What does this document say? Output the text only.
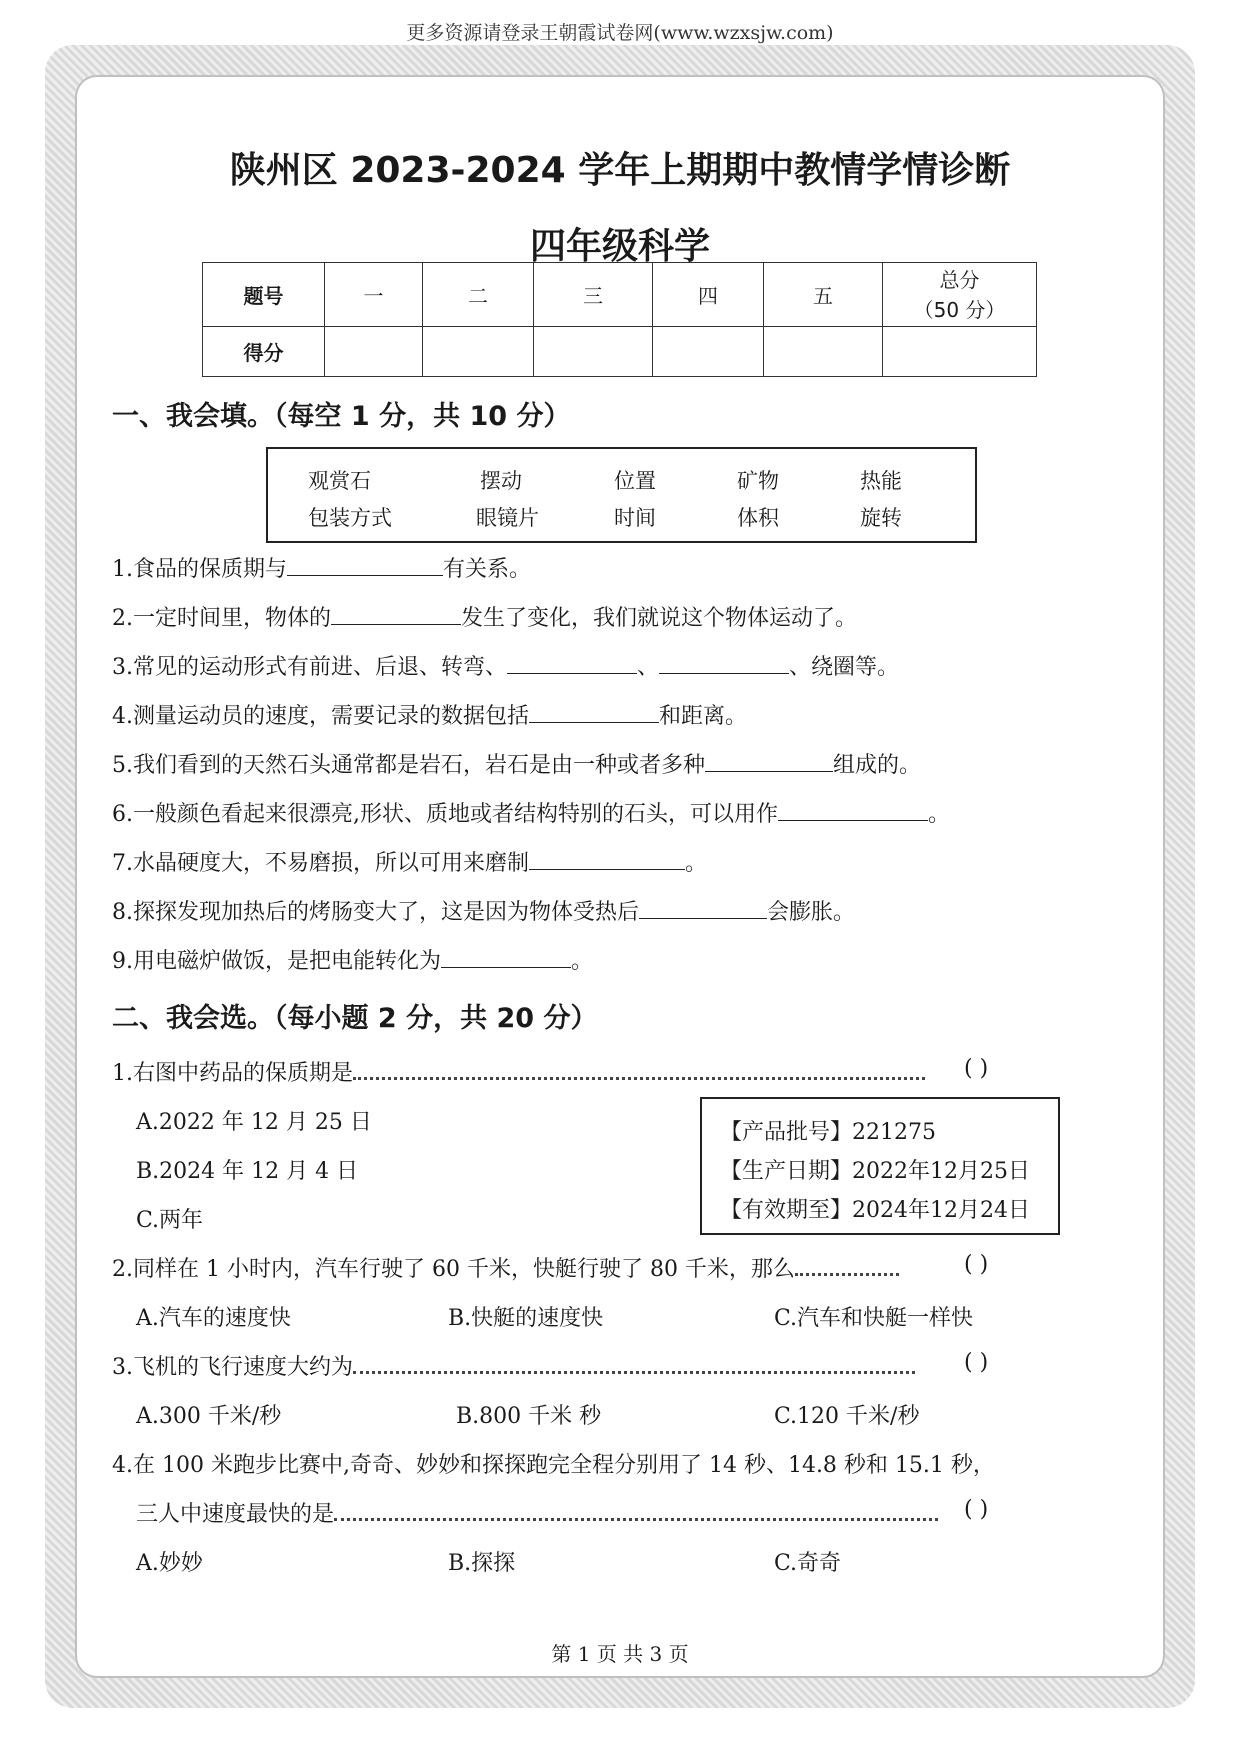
更多资源请登录王朝霞试卷网(www.wzxsjw.com)
陕州区 2023-2024 学年上期期中教情学情诊断
四年级科学
题号	一	二	三	四	五	总分
（50 分）

得分						
一、我会填。（每空 1 分，共 10 分）
观赏石	摆动	位置	矿物	热能
包装方式	眼镜片	时间	体积	旋转
1.食品的保质期与	有关系。
2.一定时间里，物体的	发生了变化，我们就说这个物体运动了。
3.常见的运动形式有前进、后退、转弯、	、	、绕圈等。
4.测量运动员的速度，需要记录的数据包括	和距离。
5.我们看到的天然石头通常都是岩石，岩石是由一种或者多种	组成的。
6.一般颜色看起来很漂亮,形状、质地或者结构特别的石头，可以用作	。
7.水晶硬度大，不易磨损，所以可用来磨制	。
8.探探发现加热后的烤肠变大了，这是因为物体受热后	会膨胀。
9.用电磁炉做饭，是把电能转化为	。
二、我会选。（每小题 2 分，共 20 分）
1.右图中药品的保质期是	( )
A.2022 年 12 月 25 日
B.2024 年 12 月 4 日
C.两年
【产品批号】221275
【生产日期】2022年12月25日
【有效期至】2024年12月24日
2.同样在 1 小时内，汽车行驶了 60 千米，快艇行驶了 80 千米，那么	( )
A.汽车的速度快	B.快艇的速度快	C.汽车和快艇一样快
3.飞机的飞行速度大约为	( )
A.300 千米/秒	B.800 千米 秒	C.120 千米/秒
4.在 100 米跑步比赛中,奇奇、妙妙和探探跑完全程分别用了 14 秒、14.8 秒和 15.1 秒，
三人中速度最快的是	( )
A.妙妙	B.探探	C.奇奇
第 1 页 共 3 页
